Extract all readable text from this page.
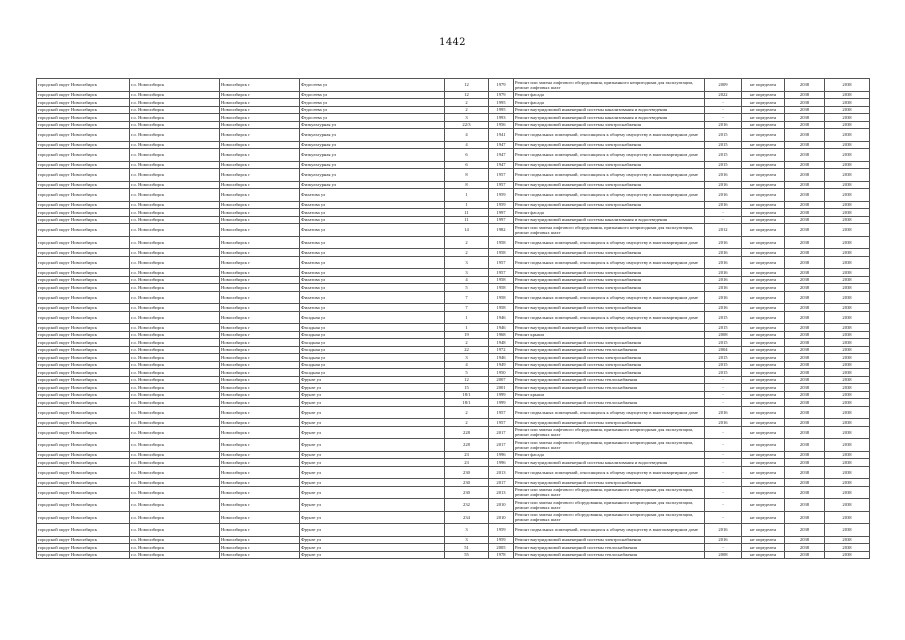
1442
городской округ Новосибирск	г.о. Новосибирск	Новосибирск г	Федосеева ул	12	1979	Ремонт или замена лифтового оборудования, признанного непригодным для эксплуатации, ремонт лифтовых шахт	2009	не определен	2038	2038
городской округ Новосибирск	г.о. Новосибирск	Новосибирск г	Федосеева ул	12	1979	Ремонт фасада	2022	не определен	2038	2038
городской округ Новосибирск	г.о. Новосибирск	Новосибирск г	Федосеева ул	2	1995	Ремонт фасада	-	не определен	2038	2038
городской округ Новосибирск	г.о. Новосибирск	Новосибирск г	Федосеева ул	2	1995	Ремонт внутридомовой инженерной системы канализования и водоотведения	-	не определен	2038	2038
городской округ Новосибирск	г.о. Новосибирск	Новосибирск г	Федосеева ул	3	1993	Ремонт внутридомовой инженерной системы канализования и водоотведения	-	не определен	2038	2038
городской округ Новосибирск	г.о. Новосибирск	Новосибирск г	Физкультурная ул	22/3	1956	Ремонт внутридомовой инженерной системы электроснабжения	2016	не определен	2038	2038
городской округ Новосибирск	г.о. Новосибирск	Новосибирск г	Физкультурная ул	4	1941	Ремонт подвальных помещений, относящихся к общему имуществу в многоквартирном доме	2015	не определен	2038	2038
городской округ Новосибирск	г.о. Новосибирск	Новосибирск г	Физкультурная ул	4	1947	Ремонт внутридомовой инженерной системы электроснабжения	2015	не определен	2038	2038
городской округ Новосибирск	г.о. Новосибирск	Новосибирск г	Физкультурная ул	6	1947	Ремонт подвальных помещений, относящихся к общему имуществу в многоквартирном доме	2015	не определен	2038	2038
городской округ Новосибирск	г.о. Новосибирск	Новосибирск г	Физкультурная ул	6	1947	Ремонт внутридомовой инженерной системы электроснабжения	2015	не определен	2038	2038
городской округ Новосибирск	г.о. Новосибирск	Новосибирск г	Физкультурная ул	8	1957	Ремонт подвальных помещений, относящихся к общему имуществу в многоквартирном доме	2016	не определен	2038	2038
городской округ Новосибирск	г.о. Новосибирск	Новосибирск г	Физкультурная ул	8	1957	Ремонт внутридомовой инженерной системы электроснабжения	2016	не определен	2038	2038
городской округ Новосибирск	г.о. Новосибирск	Новосибирск г	Филатова ул	1	1959	Ремонт подвальных помещений, относящихся к общему имуществу в многоквартирном доме	2016	не определен	2038	2038
городской округ Новосибирск	г.о. Новосибирск	Новосибирск г	Филатова ул	1	1959	Ремонт внутридомовой инженерной системы электроснабжения	2016	не определен	2038	2038
городской округ Новосибирск	г.о. Новосибирск	Новосибирск г	Филатова ул	11	1997	Ремонт фасада	-	не определен	2038	2038
городской округ Новосибирск	г.о. Новосибирск	Новосибирск г	Филатова ул	11	1997	Ремонт внутридомовой инженерной системы канализования и водоотведения	-	не определен	2038	2038
городской округ Новосибирск	г.о. Новосибирск	Новосибирск г	Филатова ул	14	1982	Ремонт или замена лифтового оборудования, признанного непригодным для эксплуатации, ремонт лифтовых шахт	2012	не определен	2038	2038
городской округ Новосибирск	г.о. Новосибирск	Новосибирск г	Филатова ул	2	1958	Ремонт подвальных помещений, относящихся к общему имуществу в многоквартирном доме	2016	не определен	2038	2038
городской округ Новосибирск	г.о. Новосибирск	Новосибирск г	Филатова ул	2	1958	Ремонт внутридомовой инженерной системы электроснабжения	2016	не определен	2038	2038
городской округ Новосибирск	г.о. Новосибирск	Новосибирск г	Филатова ул	3	1957	Ремонт подвальных помещений, относящихся к общему имуществу в многоквартирном доме	2016	не определен	2038	2038
городской округ Новосибирск	г.о. Новосибирск	Новосибирск г	Филатова ул	3	1957	Ремонт внутридомовой инженерной системы электроснабжения	2016	не определен	2038	2038
городской округ Новосибирск	г.о. Новосибирск	Новосибирск г	Филатова ул	4	1958	Ремонт внутридомовой инженерной системы электроснабжения	2016	не определен	2038	2038
городской округ Новосибирск	г.о. Новосибирск	Новосибирск г	Филатова ул	5	1958	Ремонт внутридомовой инженерной системы электроснабжения	2016	не определен	2038	2038
городской округ Новосибирск	г.о. Новосибирск	Новосибирск г	Филатова ул	7	1958	Ремонт подвальных помещений, относящихся к общему имуществу в многоквартирном доме	2016	не определен	2038	2038
городской округ Новосибирск	г.о. Новосибирск	Новосибирск г	Филатова ул	7	1958	Ремонт внутридомовой инженерной системы электроснабжения	2016	не определен	2038	2038
городской округ Новосибирск	г.о. Новосибирск	Новосибирск г	Фасадная ул	1	1946	Ремонт подвальных помещений, относящихся к общему имуществу в многоквартирном доме	2015	не определен	2038	2038
городской округ Новосибирск	г.о. Новосибирск	Новосибирск г	Фасадная ул	1	1946	Ремонт внутридомовой инженерной системы электроснабжения	2015	не определен	2038	2038
городской округ Новосибирск	г.о. Новосибирск	Новосибирск г	Фасадная ул	19	1968	Ремонт крыши	2008	не определен	2038	2038
городской округ Новосибирск	г.о. Новосибирск	Новосибирск г	Фасадная ул	2	1948	Ремонт внутридомовой инженерной системы электроснабжения	2015	не определен	2038	2038
городской округ Новосибирск	г.о. Новосибирск	Новосибирск г	Фасадная ул	22	1972	Ремонт внутридомовой инженерной системы теплоснабжения	2004	не определен	2038	2038
городской округ Новосибирск	г.о. Новосибирск	Новосибирск г	Фасадная ул	3	1946	Ремонт внутридомовой инженерной системы электроснабжения	2015	не определен	2038	2038
городской округ Новосибирск	г.о. Новосибирск	Новосибирск г	Фасадная ул	4	1949	Ремонт внутридомовой инженерной системы электроснабжения	2015	не определен	2038	2038
городской округ Новосибирск	г.о. Новосибирск	Новосибирск г	Фасадная ул	5	1950	Ремонт внутридомовой инженерной системы электроснабжения	2015	не определен	2038	2038
городской округ Новосибирск	г.о. Новосибирск	Новосибирск г	Фрунзе ул	12	2007	Ремонт внутридомовой инженерной системы теплоснабжения	-	не определен	2038	2038
городской округ Новосибирск	г.о. Новосибирск	Новосибирск г	Фрунзе ул	15	2001	Ремонт внутридомовой инженерной системы теплоснабжения	-	не определен	2038	2038
городской округ Новосибирск	г.о. Новосибирск	Новосибирск г	Фрунзе ул	18/1	1999	Ремонт крыши	-	не определен	2038	2038
городской округ Новосибирск	г.о. Новосибирск	Новосибирск г	Фрунзе ул	18/1	1999	Ремонт внутридомовой инженерной системы теплоснабжения	-	не определен	2038	2038
городской округ Новосибирск	г.о. Новосибирск	Новосибирск г	Фрунзе ул	2	1957	Ремонт подвальных помещений, относящихся к общему имуществу в многоквартирном доме	2016	не определен	2038	2038
городской округ Новосибирск	г.о. Новосибирск	Новосибирск г	Фрунзе ул	2	1957	Ремонт внутридомовой инженерной системы электроснабжения	2016	не определен	2038	2038
городской округ Новосибирск	г.о. Новосибирск	Новосибирск г	Фрунзе ул	228	2017	Ремонт или замена лифтового оборудования, признанного непригодным для эксплуатации, ремонт лифтовых шахт	-	не определен	2038	2038
городской округ Новосибирск	г.о. Новосибирск	Новосибирск г	Фрунзе ул	228	2017	Ремонт или замена лифтового оборудования, признанного непригодным для эксплуатации, ремонт лифтовых шахт	-	не определен	2038	2038
городской округ Новосибирск	г.о. Новосибирск	Новосибирск г	Фрунзе ул	23	1996	Ремонт фасада	-	не определен	2038	2038
городской округ Новосибирск	г.о. Новосибирск	Новосибирск г	Фрунзе ул	23	1996	Ремонт внутридомовой инженерной системы канализования и водоотведения	-	не определен	2038	2038
городской округ Новосибирск	г.о. Новосибирск	Новосибирск г	Фрунзе ул	230	2013	Ремонт подвальных помещений, относящихся к общему имуществу в многоквартирном доме	-	не определен	2038	2038
городской округ Новосибирск	г.о. Новосибирск	Новосибирск г	Фрунзе ул	230	2017	Ремонт внутридомовой инженерной системы электроснабжения	-	не определен	2038	2038
городской округ Новосибирск	г.о. Новосибирск	Новосибирск г	Фрунзе ул	230	2013	Ремонт или замена лифтового оборудования, признанного непригодным для эксплуатации, ремонт лифтовых шахт	-	не определен	2038	2038
городской округ Новосибирск	г.о. Новосибирск	Новосибирск г	Фрунзе ул	232	2010	Ремонт или замена лифтового оборудования, признанного непригодным для эксплуатации, ремонт лифтовых шахт	-	не определен	2038	2038
городской округ Новосибирск	г.о. Новосибирск	Новосибирск г	Фрунзе ул	234	2010	Ремонт или замена лифтового оборудования, признанного непригодным для эксплуатации, ремонт лифтовых шахт	-	не определен	2038	2038
городской округ Новосибирск	г.о. Новосибирск	Новосибирск г	Фрунзе ул	3	1959	Ремонт подвальных помещений, относящихся к общему имуществу в многоквартирном доме	2016	не определен	2038	2038
городской округ Новосибирск	г.о. Новосибирск	Новосибирск г	Фрунзе ул	3	1959	Ремонт внутридомовой инженерной системы электроснабжения	2016	не определен	2038	2038
городской округ Новосибирск	г.о. Новосибирск	Новосибирск г	Фрунзе ул	51	2005	Ремонт внутридомовой инженерной системы теплоснабжения	-	не определен	2038	2038
городской округ Новосибирск	г.о. Новосибирск	Новосибирск г	Фрунзе ул	55	1978	Ремонт внутридомовой инженерной системы теплоснабжения	2008	не определен	2038	2038
